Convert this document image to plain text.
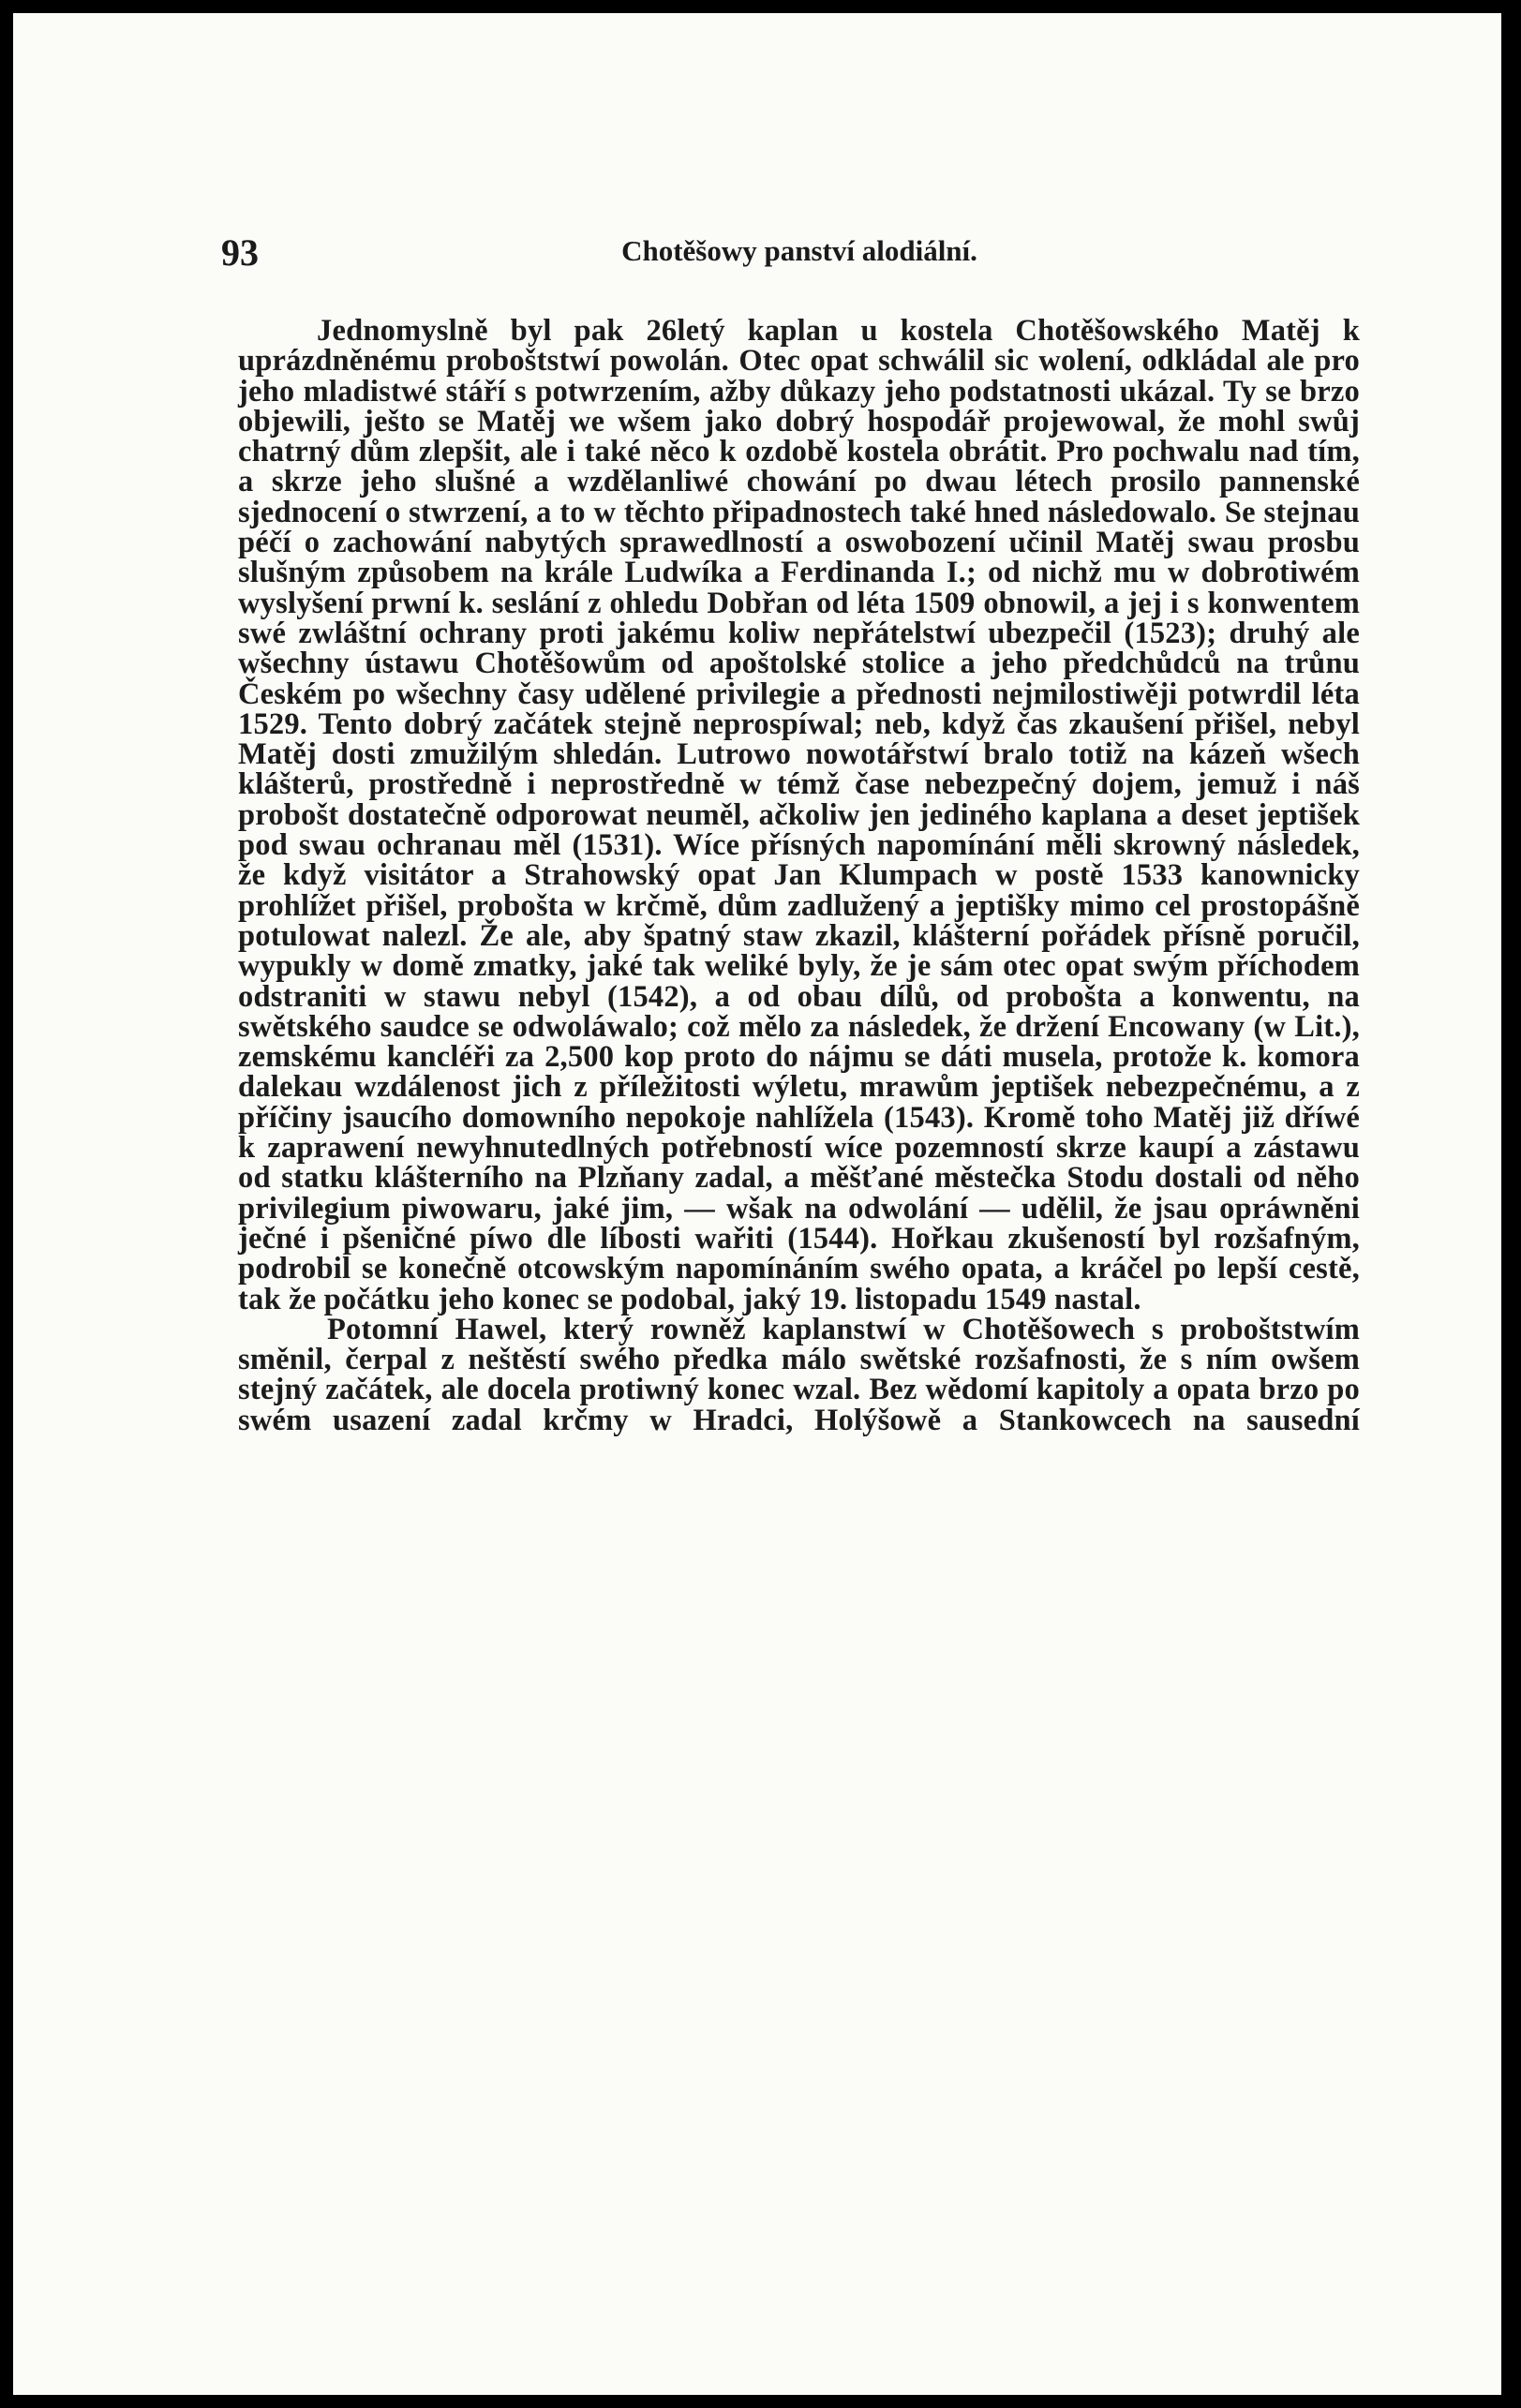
93	Chotěšowy panství alodiální.

Jednomyslně byl pak 26letý kaplan u kostela Chotěšowského Matěj k uprázdněnému proboštstwí powolán. Otec opat schwálil sic wolení, odkládal ale pro jeho mladistwé stáří s potwrzením, ažby důkazy jeho podstatnosti ukázal. Ty se brzo objewili, ješto se Matěj we wšem jako dobrý hospodář projewowal, že mohl swůj chatrný dům zlepšit, ale i také něco k ozdobě kostela obrátit. Pro pochwalu nad tím, a skrze jeho slušné a wzdělanliwé chowání po dwau létech prosilo pannenské sjednocení o stwrzení, a to w těchto připadnostech také hned následowalo. Se stejnau péčí o zachowání nabytých sprawedlností a oswobození učinil Matěj swau prosbu slušným způsobem na krále Ludwíka a Ferdinanda I.; od nichž mu w dobrotiwém wyslyšení prwní k. seslání z ohledu Dobřan od léta 1509 obnowil, a jej i s konwentem swé zwláštní ochrany proti jakému koliw nepřátelstwí ubezpečil (1523); druhý ale wšechny ústawu Chotěšowům od apoštolské stolice a jeho předchůdců na trůnu Českém po wšechny časy udělené privilegie a přednosti nejmilostiwěji potwrdil léta 1529. Tento dobrý začátek stejně neprospíwal; neb, když čas zkaušení přišel, nebyl Matěj dosti zmužilým shledán. Lutrowo nowotářstwí bralo totiž na kázeň wšech klášterů, prostředně i neprostředně w témž čase nebezpečný dojem, jemuž i náš probošt dostatečně odporowat neuměl, ačkoliw jen jediného kaplana a deset jeptišek pod swau ochranau měl (1531). Wíce přísných napomínání měli skrowný následek, že když visitátor a Strahowský opat Jan Klumpach w postě 1533 kanownicky prohlížet přišel, probošta w krčmě, dům zadlužený a jeptišky mimo cel prostopášně potulowat nalezl. Že ale, aby špatný staw zkazil, klášterní pořádek přísně poručil, wypukly w domě zmatky, jaké tak weliké byly, že je sám otec opat swým příchodem odstraniti w stawu nebyl (1542), a od obau dílů, od probošta a konwentu, na swětského saudce se odwoláwalo; což mělo za následek, že držení Encowany (w Lit.), zemskému kancléři za 2,500 kop proto do nájmu se dáti musela, protože k. komora dalekau wzdálenost jich z příležitosti wýletu, mrawům jeptišek nebezpečnému, a z příčiny jsaucího domowního nepokoje nahlížela (1543). Kromě toho Matěj již dříwé k zaprawení newyhnutedlných potřebností wíce pozemností skrze kaupí a zástawu od statku klášterního na Plzňany zadal, a měšťané městečka Stodu dostali od něho privilegium piwowaru, jaké jim, — wšak na odwolání — udělil, že jsau opráwněni ječné i pšeničné píwo dle líbosti wařiti (1544). Hořkau zkušeností byl rozšafným, podrobil se konečně otcowským napomínáním swého opata, a kráčel po lepší cestě, tak že počátku jeho konec se podobal, jaký 19. listopadu 1549 nastal.

Potomní Hawel, který rowněž kaplanstwí w Chotěšowech s proboštstwím směnil, čerpal z neštěstí swého předka málo swětské rozšafnosti, že s ním owšem stejný začátek, ale docela protiwný konec wzal. Bez wědomí kapitoly a opata brzo po swém usazení zadal krčmy w Hradci, Holýšowě a Stankowcech na sausední
